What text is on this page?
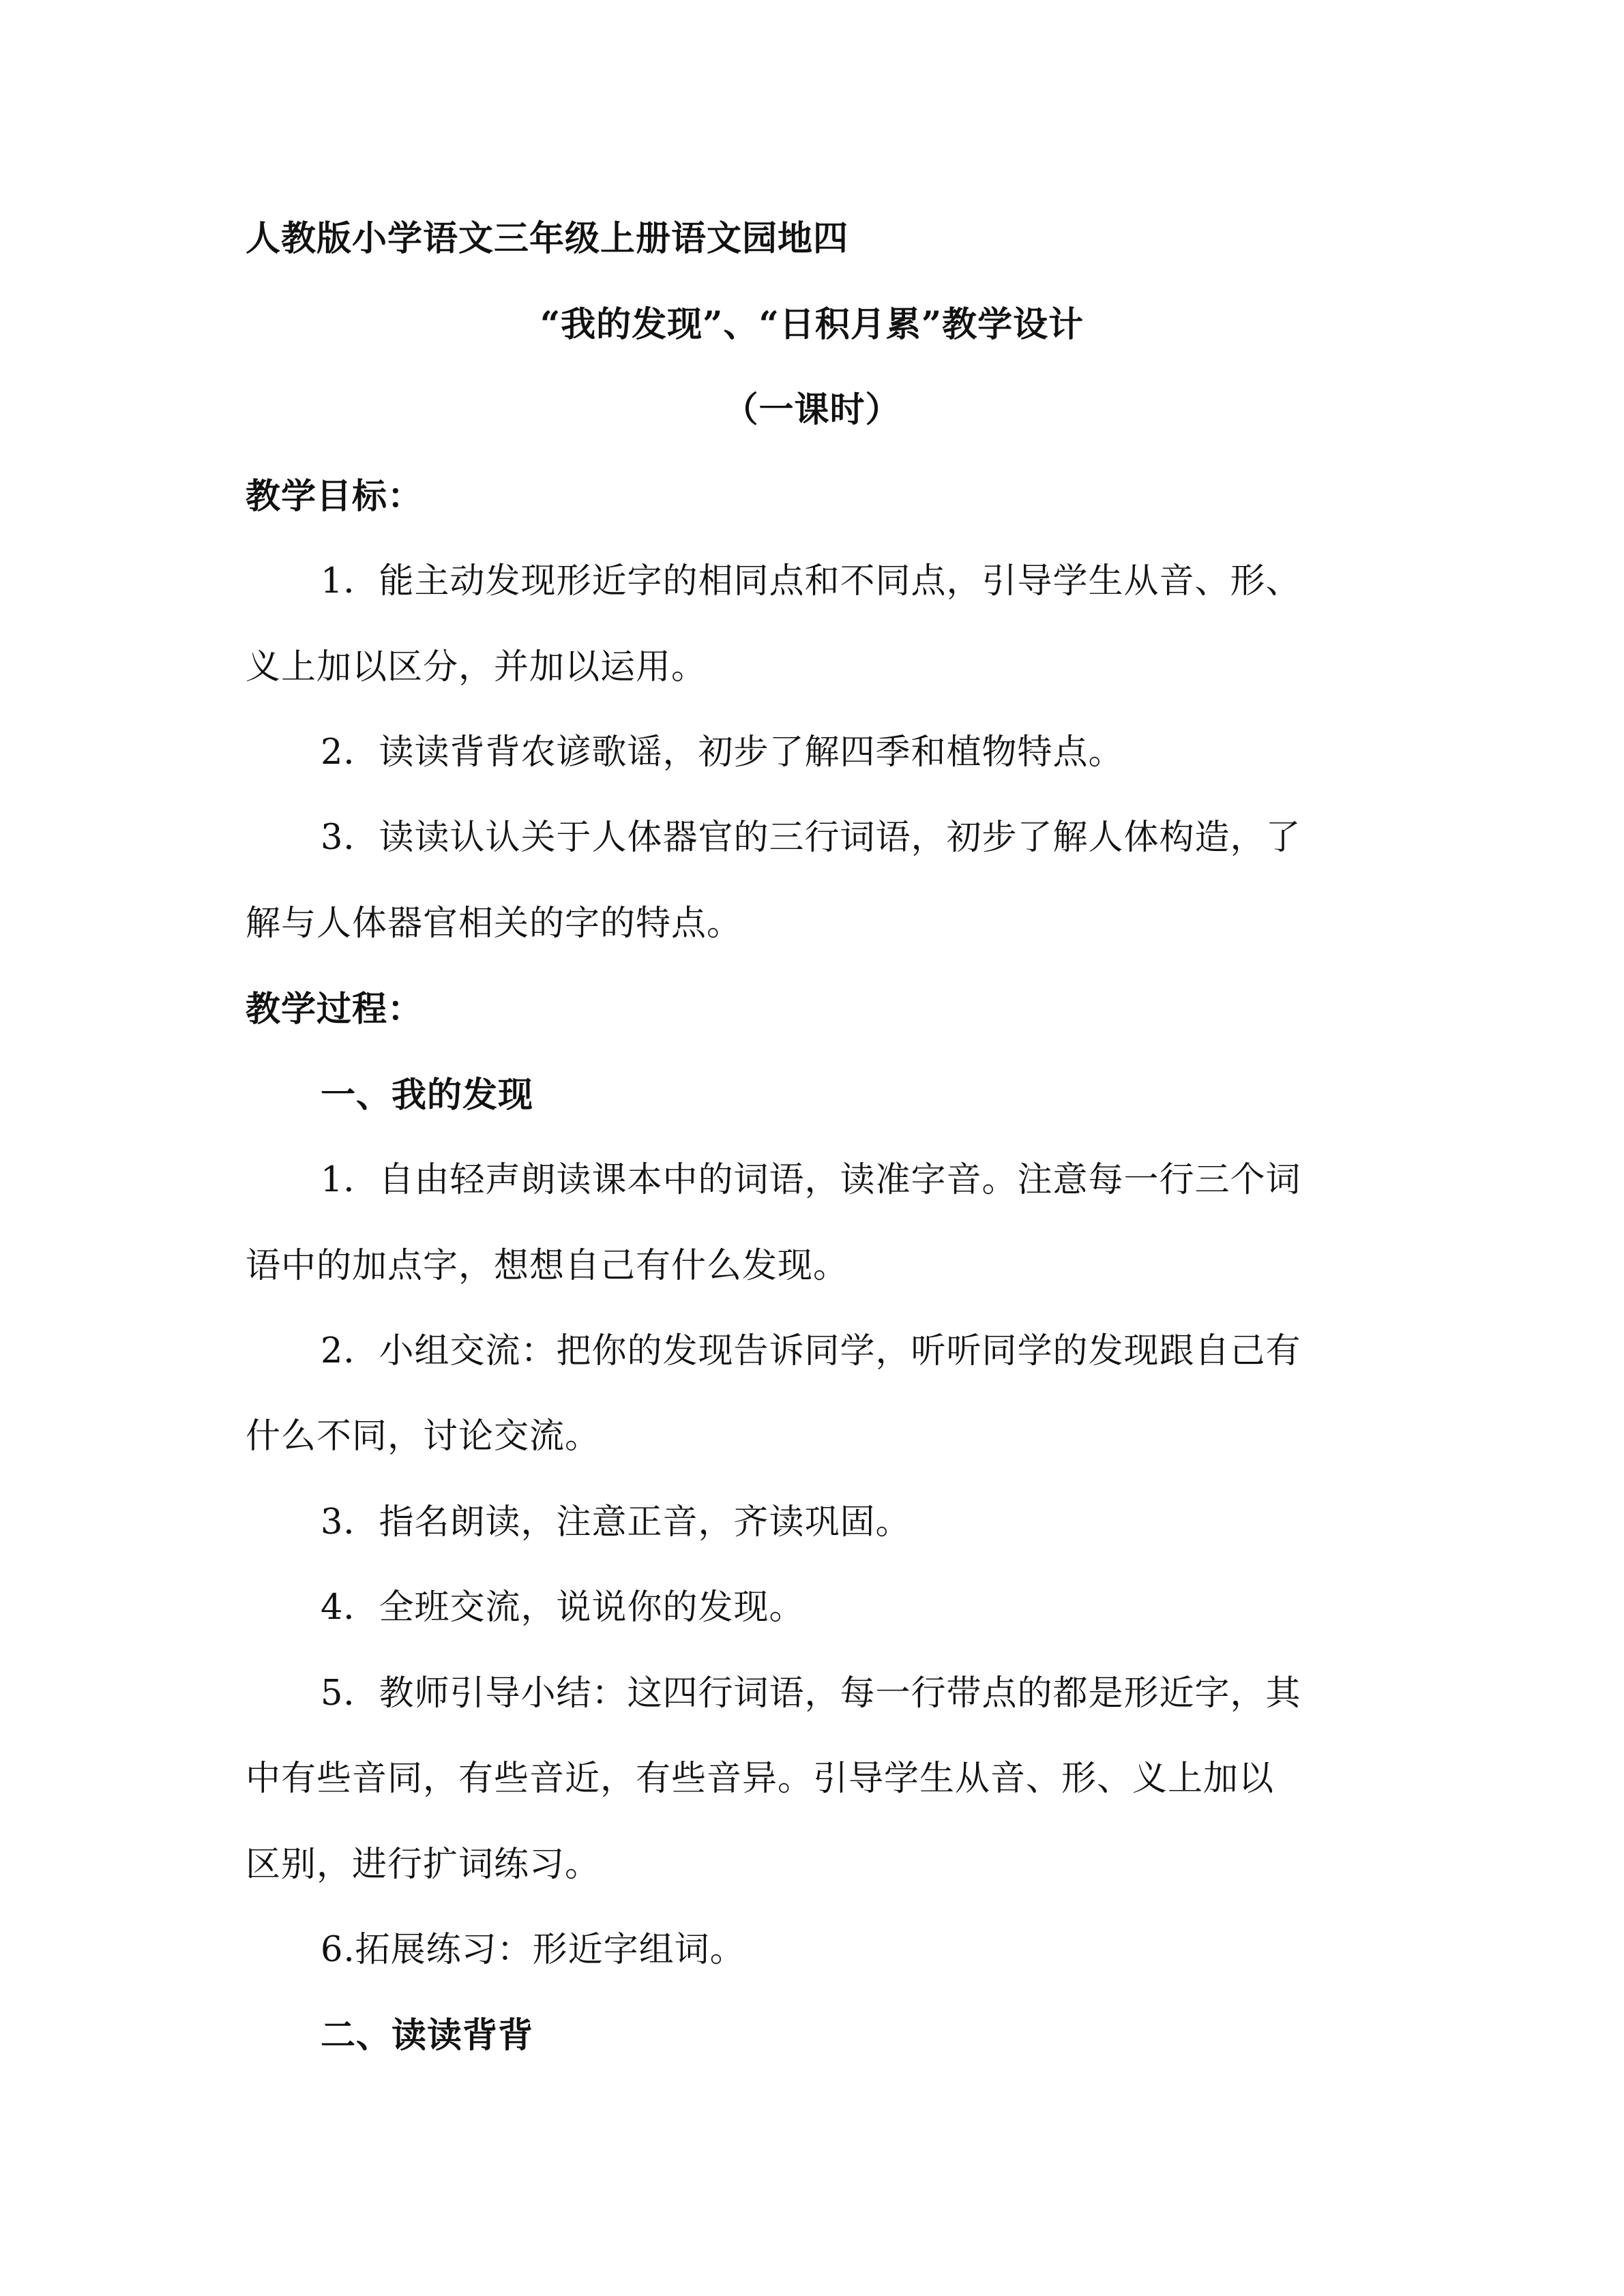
人教版小学语文三年级上册语文园地四
“我的发现”、“日积月累”教学设计
（一课时）
教学目标：
1．能主动发现形近字的相同点和不同点，引导学生从音、形、
义上加以区分，并加以运用。
2．读读背背农谚歌谣，初步了解四季和植物特点。
3．读读认认关于人体器官的三行词语，初步了解人体构造，了
解与人体器官相关的字的特点。
教学过程：
一、我的发现
1．自由轻声朗读课本中的词语，读准字音。注意每一行三个词
语中的加点字，想想自己有什么发现。
2．小组交流：把你的发现告诉同学，听听同学的发现跟自己有
什么不同，讨论交流。
3．指名朗读，注意正音，齐读巩固。
4．全班交流，说说你的发现。
5．教师引导小结：这四行词语，每一行带点的都是形近字，其
中有些音同，有些音近，有些音异。引导学生从音、形、义上加以
区别，进行扩词练习。
6.拓展练习：形近字组词。
二、读读背背
